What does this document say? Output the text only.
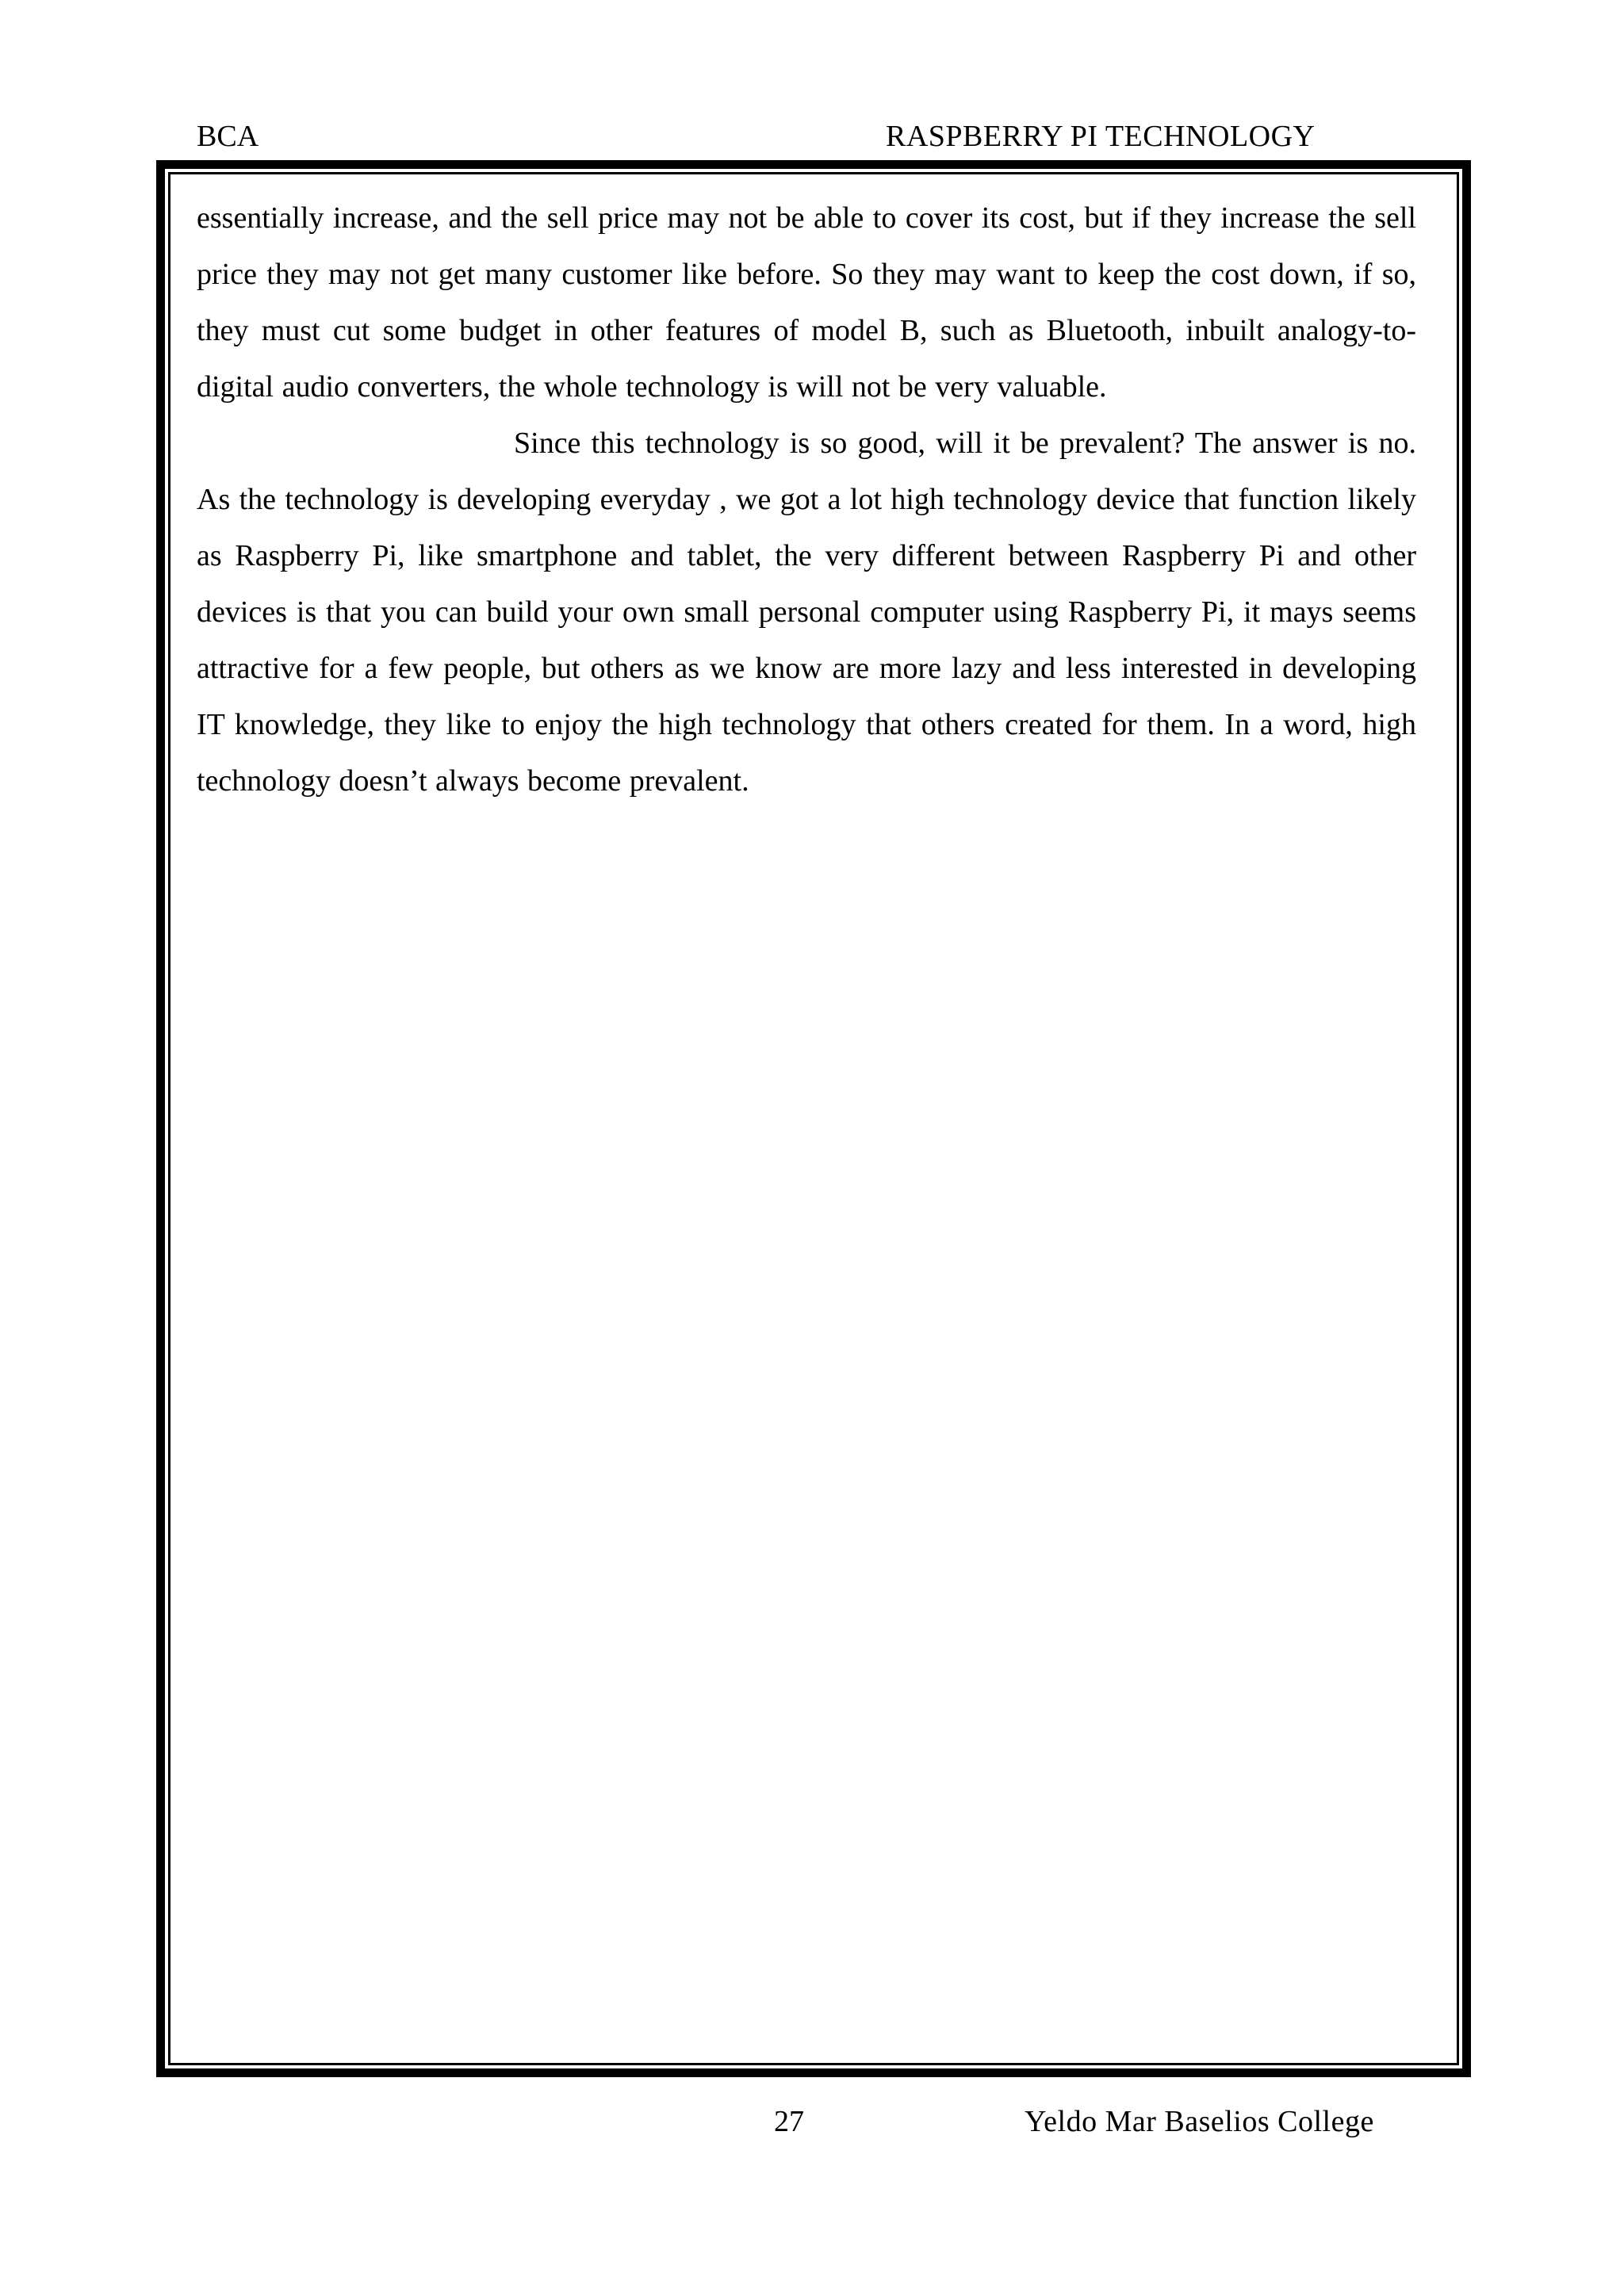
BCA	RASPBERRY PI TECHNOLOGY

essentially increase, and the sell price may not be able to cover its cost, but if they increase the sell price they may not get many customer like before. So they may want to keep the cost down, if so, they must cut some budget in other features of model B, such as Bluetooth, inbuilt analogy-to-digital audio converters, the whole technology is will not be very valuable.

Since this technology is so good, will it be prevalent? The answer is no. As the technology is developing everyday , we got a lot high technology device that function likely as Raspberry Pi, like smartphone and tablet, the very different between Raspberry Pi and other devices is that you can build your own small personal computer using Raspberry Pi, it mays seems attractive for a few people, but others as we know are more lazy and less interested in developing IT knowledge, they like to enjoy the high technology that others created for them. In a word, high technology doesn’t always become prevalent.

27	Yeldo Mar Baselios College
